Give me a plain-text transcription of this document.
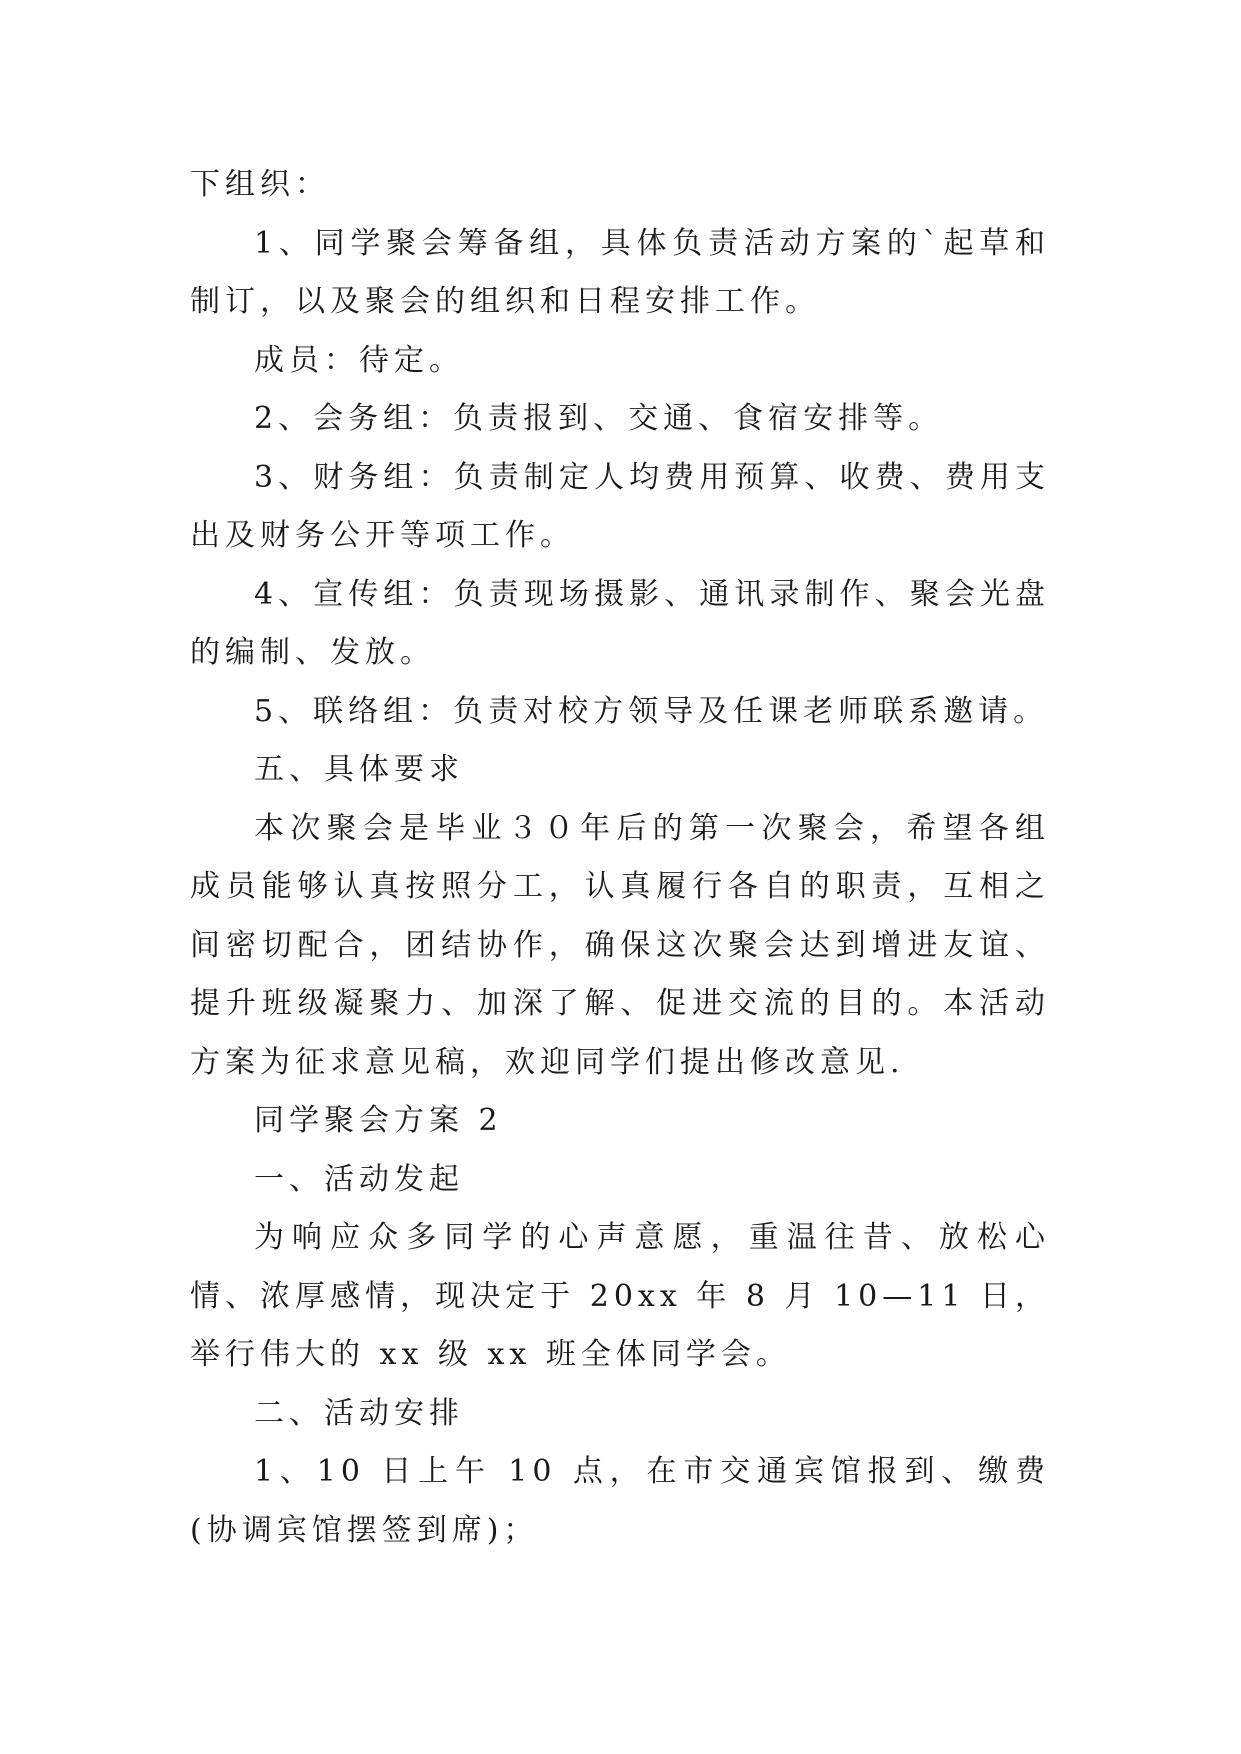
下组织：

1、同学聚会筹备组，具体负责活动方案的`起草和制订，以及聚会的组织和日程安排工作。

成员：待定。

2、会务组：负责报到、交通、食宿安排等。

3、财务组：负责制定人均费用预算、收费、费用支出及财务公开等项工作。

4、宣传组：负责现场摄影、通讯录制作、聚会光盘的编制、发放。

5、联络组：负责对校方领导及任课老师联系邀请。

五、具体要求

本次聚会是毕业３０年后的第一次聚会，希望各组成员能够认真按照分工，认真履行各自的职责，互相之间密切配合，团结协作，确保这次聚会达到增进友谊、提升班级凝聚力、加深了解、促进交流的目的。本活动方案为征求意见稿，欢迎同学们提出修改意见.

同学聚会方案 2

一、活动发起

为响应众多同学的心声意愿，重温往昔、放松心情、浓厚感情，现决定于 20xx 年 8 月 10—11 日，举行伟大的 xx 级 xx 班全体同学会。

二、活动安排

1、10 日上午 10 点，在市交通宾馆报到、缴费(协调宾馆摆签到席)；
